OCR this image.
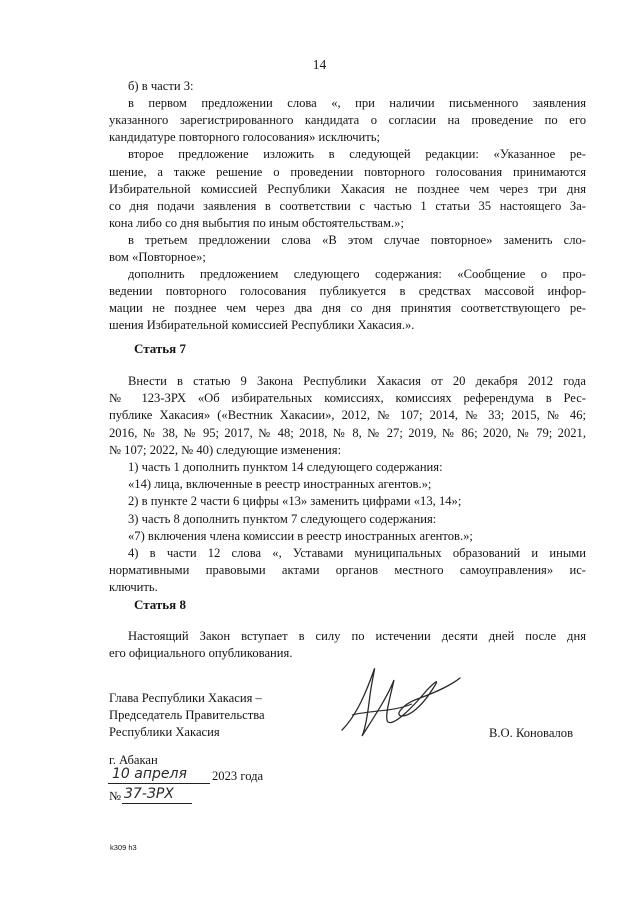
14
б) в части 3:
в первом предложении слова «, при наличии письменного заявления
указанного зарегистрированного кандидата о согласии на проведение по его
кандидатуре повторного голосования» исключить;
второе предложение изложить в следующей редакции: «Указанное ре-
шение, а также решение о проведении повторного голосования принимаются
Избирательной комиссией Республики Хакасия не позднее чем через три дня
со дня подачи заявления в соответствии с частью 1 статьи 35 настоящего За-
кона либо со дня выбытия по иным обстоятельствам.»;
в третьем предложении слова «В этом случае повторное» заменить сло-
вом «Повторное»;
дополнить предложением следующего содержания: «Сообщение о про-
ведении повторного голосования публикуется в средствах массовой инфор-
мации не позднее чем через два дня со дня принятия соответствующего ре-
шения Избирательной комиссией Республики Хакасия.».
Статья 7
Внести в статью 9 Закона Республики Хакасия от 20 декабря 2012 года
№ 123-ЗРХ «Об избирательных комиссиях, комиссиях референдума в Рес-
публике Хакасия» («Вестник Хакасии», 2012, № 107; 2014, № 33; 2015, № 46;
2016, № 38, № 95; 2017, № 48; 2018, № 8, № 27; 2019, № 86; 2020, № 79; 2021,
№ 107; 2022, № 40) следующие изменения:
1) часть 1 дополнить пунктом 14 следующего содержания:
«14) лица, включенные в реестр иностранных агентов.»;
2) в пункте 2 части 6 цифры «13» заменить цифрами «13, 14»;
3) часть 8 дополнить пунктом 7 следующего содержания:
«7) включения члена комиссии в реестр иностранных агентов.»;
4) в части 12 слова «, Уставами муниципальных образований и иными
нормативными правовыми актами органов местного самоуправления» ис-
ключить.
Статья 8
Настоящий Закон вступает в силу по истечении десяти дней после дня
его официального опубликования.
Глава Республики Хакасия –
Председатель Правительства
Республики Хакасия	В.О. Коновалов
г. Абакан
10 апреля 2023 года
№ 37-ЗРХ
k309 h3
